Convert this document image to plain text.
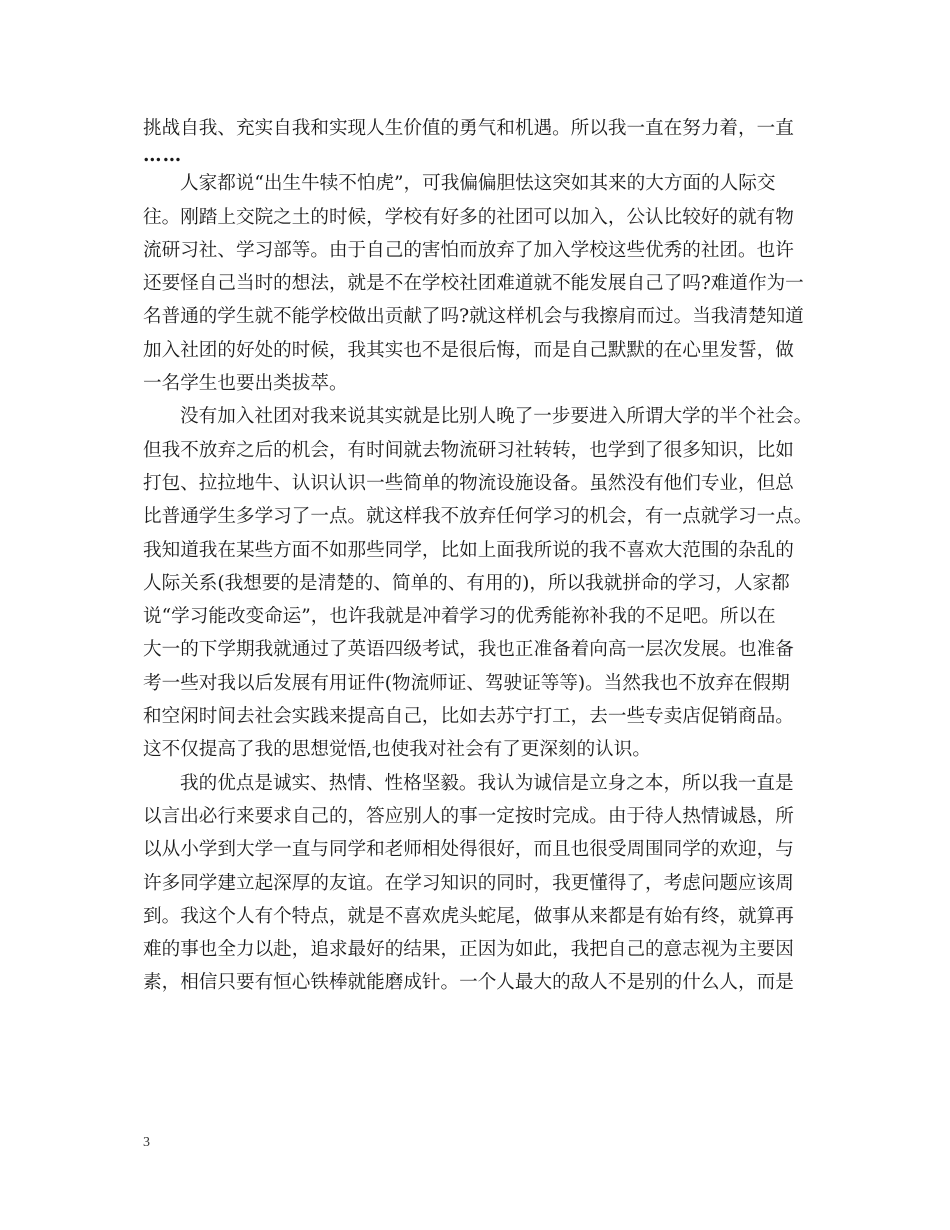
挑战自我、充实自我和实现人生价值的勇气和机遇。所以我一直在努力着，一直
……
人家都说“出生牛犊不怕虎”，可我偏偏胆怯这突如其来的大方面的人际交
往。刚踏上交院之土的时候，学校有好多的社团可以加入，公认比较好的就有物
流研习社、学习部等。由于自己的害怕而放弃了加入学校这些优秀的社团。也许
还要怪自己当时的想法，就是不在学校社团难道就不能发展自己了吗?难道作为一
名普通的学生就不能学校做出贡献了吗?就这样机会与我擦肩而过。当我清楚知道
加入社团的好处的时候，我其实也不是很后悔，而是自己默默的在心里发誓，做
一名学生也要出类拔萃。
没有加入社团对我来说其实就是比别人晚了一步要进入所谓大学的半个社会。
但我不放弃之后的机会，有时间就去物流研习社转转，也学到了很多知识，比如
打包、拉拉地牛、认识认识一些简单的物流设施设备。虽然没有他们专业，但总
比普通学生多学习了一点。就这样我不放弃任何学习的机会，有一点就学习一点。
我知道我在某些方面不如那些同学，比如上面我所说的我不喜欢大范围的杂乱的
人际关系(我想要的是清楚的、简单的、有用的)，所以我就拼命的学习，人家都
说“学习能改变命运”，也许我就是冲着学习的优秀能祢补我的不足吧。所以在
大一的下学期我就通过了英语四级考试，我也正准备着向高一层次发展。也准备
考一些对我以后发展有用证件(物流师证、驾驶证等等)。当然我也不放弃在假期
和空闲时间去社会实践来提高自己，比如去苏宁打工，去一些专卖店促销商品。
这不仅提高了我的思想觉悟,也使我对社会有了更深刻的认识。
我的优点是诚实、热情、性格坚毅。我认为诚信是立身之本，所以我一直是
以言出必行来要求自己的，答应别人的事一定按时完成。由于待人热情诚恳，所
以从小学到大学一直与同学和老师相处得很好，而且也很受周围同学的欢迎，与
许多同学建立起深厚的友谊。在学习知识的同时，我更懂得了，考虑问题应该周
到。我这个人有个特点，就是不喜欢虎头蛇尾，做事从来都是有始有终，就算再
难的事也全力以赴，追求最好的结果，正因为如此，我把自己的意志视为主要因
素，相信只要有恒心铁棒就能磨成针。一个人最大的敌人不是别的什么人，而是
3
